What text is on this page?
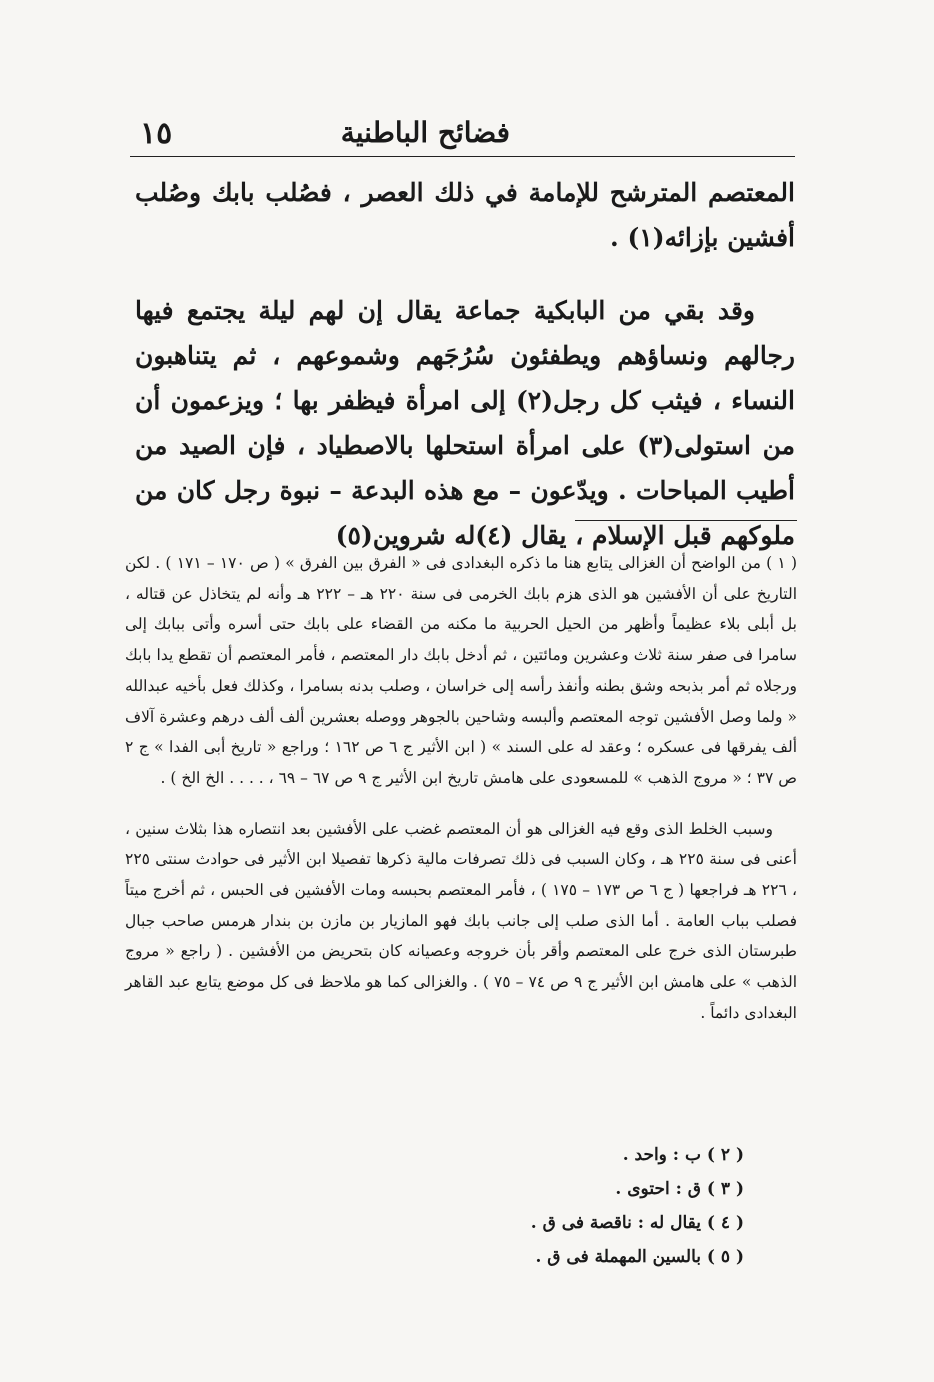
١٥	فضائح الباطنية

المعتصم المترشح للإمامة في ذلك العصر ، فصُلب بابك وصُلب أفشين بإزائه(١) .

وقد بقي من البابكية جماعة يقال إن لهم ليلة يجتمع فيها رجالهم ونساؤهم ويطفئون سُرُجَهم وشموعهم ، ثم يتناهبون النساء ، فيثب كل رجل(٢) إلى امرأة فيظفر بها ؛ ويزعمون أن من استولى(٣) على امرأة استحلها بالاصطياد ، فإن الصيد من أطيب المباحات . ويدّعون – مع هذه البدعة – نبوة رجل كان من ملوكهم قبل الإسلام ، يقال (٤)له شروين(٥)

( ١ ) من الواضح أن الغزالى يتابع هنا ما ذكره البغدادى فى « الفرق بين الفرق » ( ص ١٧٠ – ١٧١ ) . لكن التاريخ على أن الأفشين هو الذى هزم بابك الخرمى فى سنة ٢٢٠ هـ – ٢٢٢ هـ وأنه لم يتخاذل عن قتاله ، بل أبلى بلاء عظيماً وأظهر من الحيل الحربية ما مكنه من القضاء على بابك حتى أسره وأتى ببابك إلى سامرا فى صفر سنة ثلاث وعشرين ومائتين ، ثم أدخل بابك دار المعتصم ، فأمر المعتصم أن تقطع يدا بابك ورجلاه ثم أمر بذبحه وشق بطنه وأنفذ رأسه إلى خراسان ، وصلب بدنه بسامرا ، وكذلك فعل بأخيه عبدالله « ولما وصل الأفشين توجه المعتصم وألبسه وشاحين بالجوهر ووصله بعشرين ألف ألف درهم وعشرة آلاف ألف يفرقها فى عسكره ؛ وعقد له على السند » ( ابن الأثير ج ٦ ص ١٦٢ ؛ وراجع « تاريخ أبى الفدا » ج ٢ ص ٣٧ ؛ « مروج الذهب » للمسعودى على هامش تاريخ ابن الأثير ج ٩ ص ٦٧ – ٦٩ ، . . . . الخ الخ ) .

وسبب الخلط الذى وقع فيه الغزالى هو أن المعتصم غضب على الأفشين بعد انتصاره هذا بثلاث سنين ، أعنى فى سنة ٢٢٥ هـ ، وكان السبب فى ذلك تصرفات مالية ذكرها تفصيلا ابن الأثير فى حوادث سنتى ٢٢٥ ، ٢٢٦ هـ فراجعها ( ج ٦ ص ١٧٣ – ١٧٥ ) ، فأمر المعتصم بحبسه ومات الأفشين فى الحبس ، ثم أخرج ميتاً فصلب بباب العامة . أما الذى صلب إلى جانب بابك فهو المازيار بن مازن بن بندار هرمس صاحب جبال طبرستان الذى خرج على المعتصم وأقر بأن خروجه وعصيانه كان بتحريض من الأفشين . ( راجع « مروج الذهب » على هامش ابن الأثير ج ٩ ص ٧٤ – ٧٥ ) . والغزالى كما هو ملاحظ فى كل موضع يتابع عبد القاهر البغدادى دائماً .

( ٢ ) ب : واحد .
( ٣ ) ق : احتوى .
( ٤ ) يقال له : ناقصة فى ق .
( ٥ ) بالسين المهملة فى ق .
